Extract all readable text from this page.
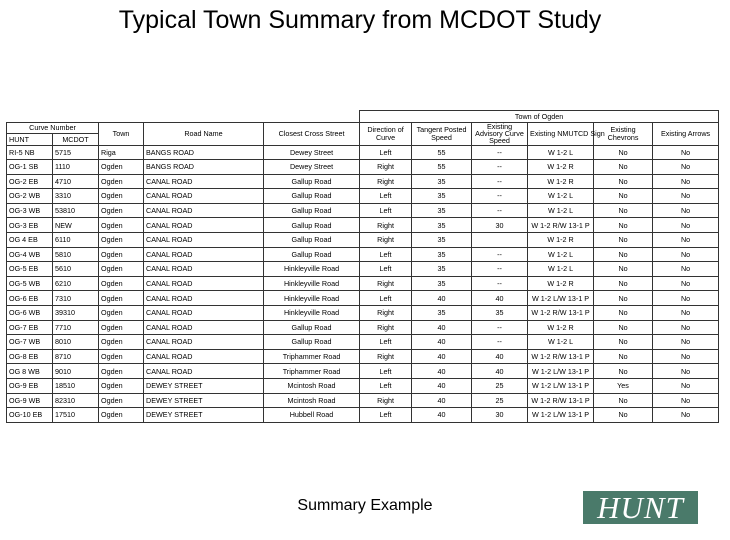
Typical Town Summary from MCDOT Study
					Town of Ogden					
Curve Number		Town	Road Name	Closest Cross Street	Direction of Curve	Tangent Posted Speed	Existing Advisory Curve Speed	Existing NMUTCD Sign	Existing Chevrons	Existing Arrows
HUNT	MCDOT									
RI-5 NB	5715	Riga	BANGS ROAD	Dewey Street	Left	55	--	W 1-2 L	No	No
OG-1 SB	1110	Ogden	BANGS ROAD	Dewey Street	Right	55	--	W 1-2 R	No	No
OG-2 EB	4710	Ogden	CANAL ROAD	Gallup Road	Right	35	--	W 1-2 R	No	No
OG-2 WB	3310	Ogden	CANAL ROAD	Gallup Road	Left	35	--	W 1-2 L	No	No
OG-3 WB	53810	Ogden	CANAL ROAD	Gallup Road	Left	35	--	W 1-2 L	No	No
OG-3 EB	NEW	Ogden	CANAL ROAD	Gallup Road	Right	35	30	W 1-2 R/W 13-1 P	No	No
OG 4 EB	6110	Ogden	CANAL ROAD	Gallup Road	Right	35		W 1-2 R	No	No
OG-4 WB	5810	Ogden	CANAL ROAD	Gallup Road	Left	35	--	W 1-2 L	No	No
OG-5 EB	5610	Ogden	CANAL ROAD	Hinkleyville Road	Left	35	--	W 1-2 L	No	No
OG-5 WB	6210	Ogden	CANAL ROAD	Hinkleyville Road	Right	35	--	W 1-2 R	No	No
OG-6 EB	7310	Ogden	CANAL ROAD	Hinkleyville Road	Left	40	40	W 1-2 L/W 13-1 P	No	No
OG-6 WB	39310	Ogden	CANAL ROAD	Hinkleyville Road	Right	35	35	W 1-2 R/W 13-1 P	No	No
OG-7 EB	7710	Ogden	CANAL ROAD	Gallup Road	Right	40	--	W 1-2 R	No	No
OG-7 WB	8010	Ogden	CANAL ROAD	Gallup Road	Left	40	--	W 1-2 L	No	No
OG-8 EB	8710	Ogden	CANAL ROAD	Triphammer Road	Right	40	40	W 1-2 R/W 13-1 P	No	No
OG 8 WB	9010	Ogden	CANAL ROAD	Triphammer Road	Left	40	40	W 1-2 L/W 13-1 P	No	No
OG-9 EB	18510	Ogden	DEWEY STREET	Mcintosh Road	Left	40	25	W 1-2 L/W 13-1 P	Yes	No
OG-9 WB	82310	Ogden	DEWEY STREET	Mcintosh Road	Right	40	25	W 1-2 R/W 13-1 P	No	No
OG-10 EB	17510	Ogden	DEWEY STREET	Hubbell Road	Left	40	30	W 1-2 L/W 13-1 P	No	No
Summary Example	HUNT
